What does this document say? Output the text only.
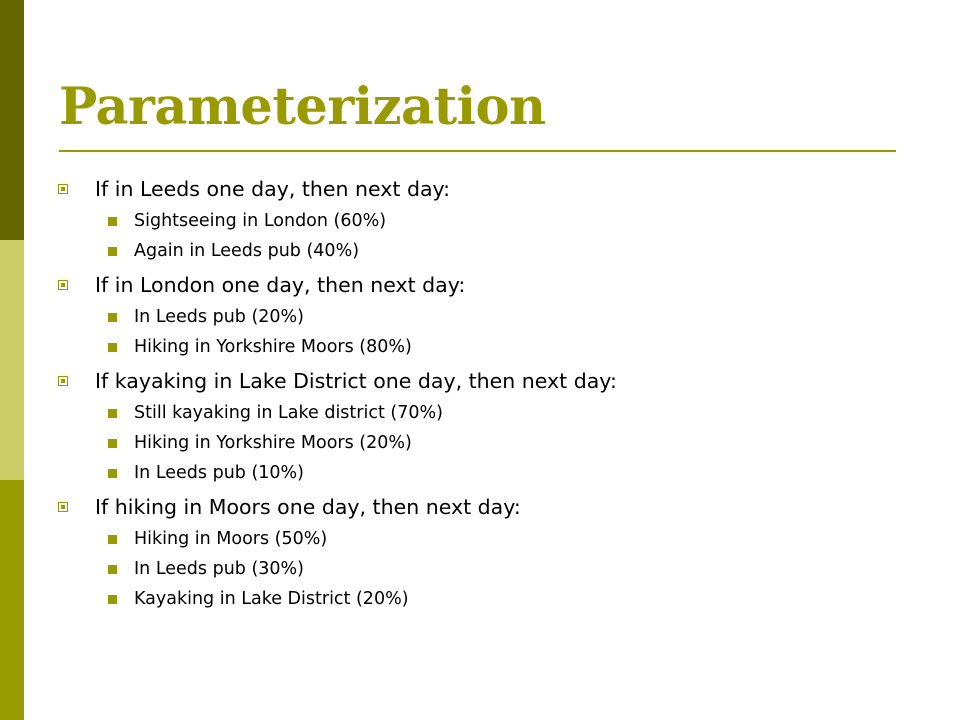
Parameterization
If in Leeds one day, then next day:
Sightseeing in London (60%)
Again in Leeds pub (40%)
If in London one day, then next day:
In Leeds pub (20%)
Hiking in Yorkshire Moors (80%)
If kayaking in Lake District one day, then next day:
Still kayaking in Lake district (70%)
Hiking in Yorkshire Moors (20%)
In Leeds pub (10%)
If hiking in Moors one day, then next day:
Hiking in Moors (50%)
In Leeds pub (30%)
Kayaking in Lake District (20%)
